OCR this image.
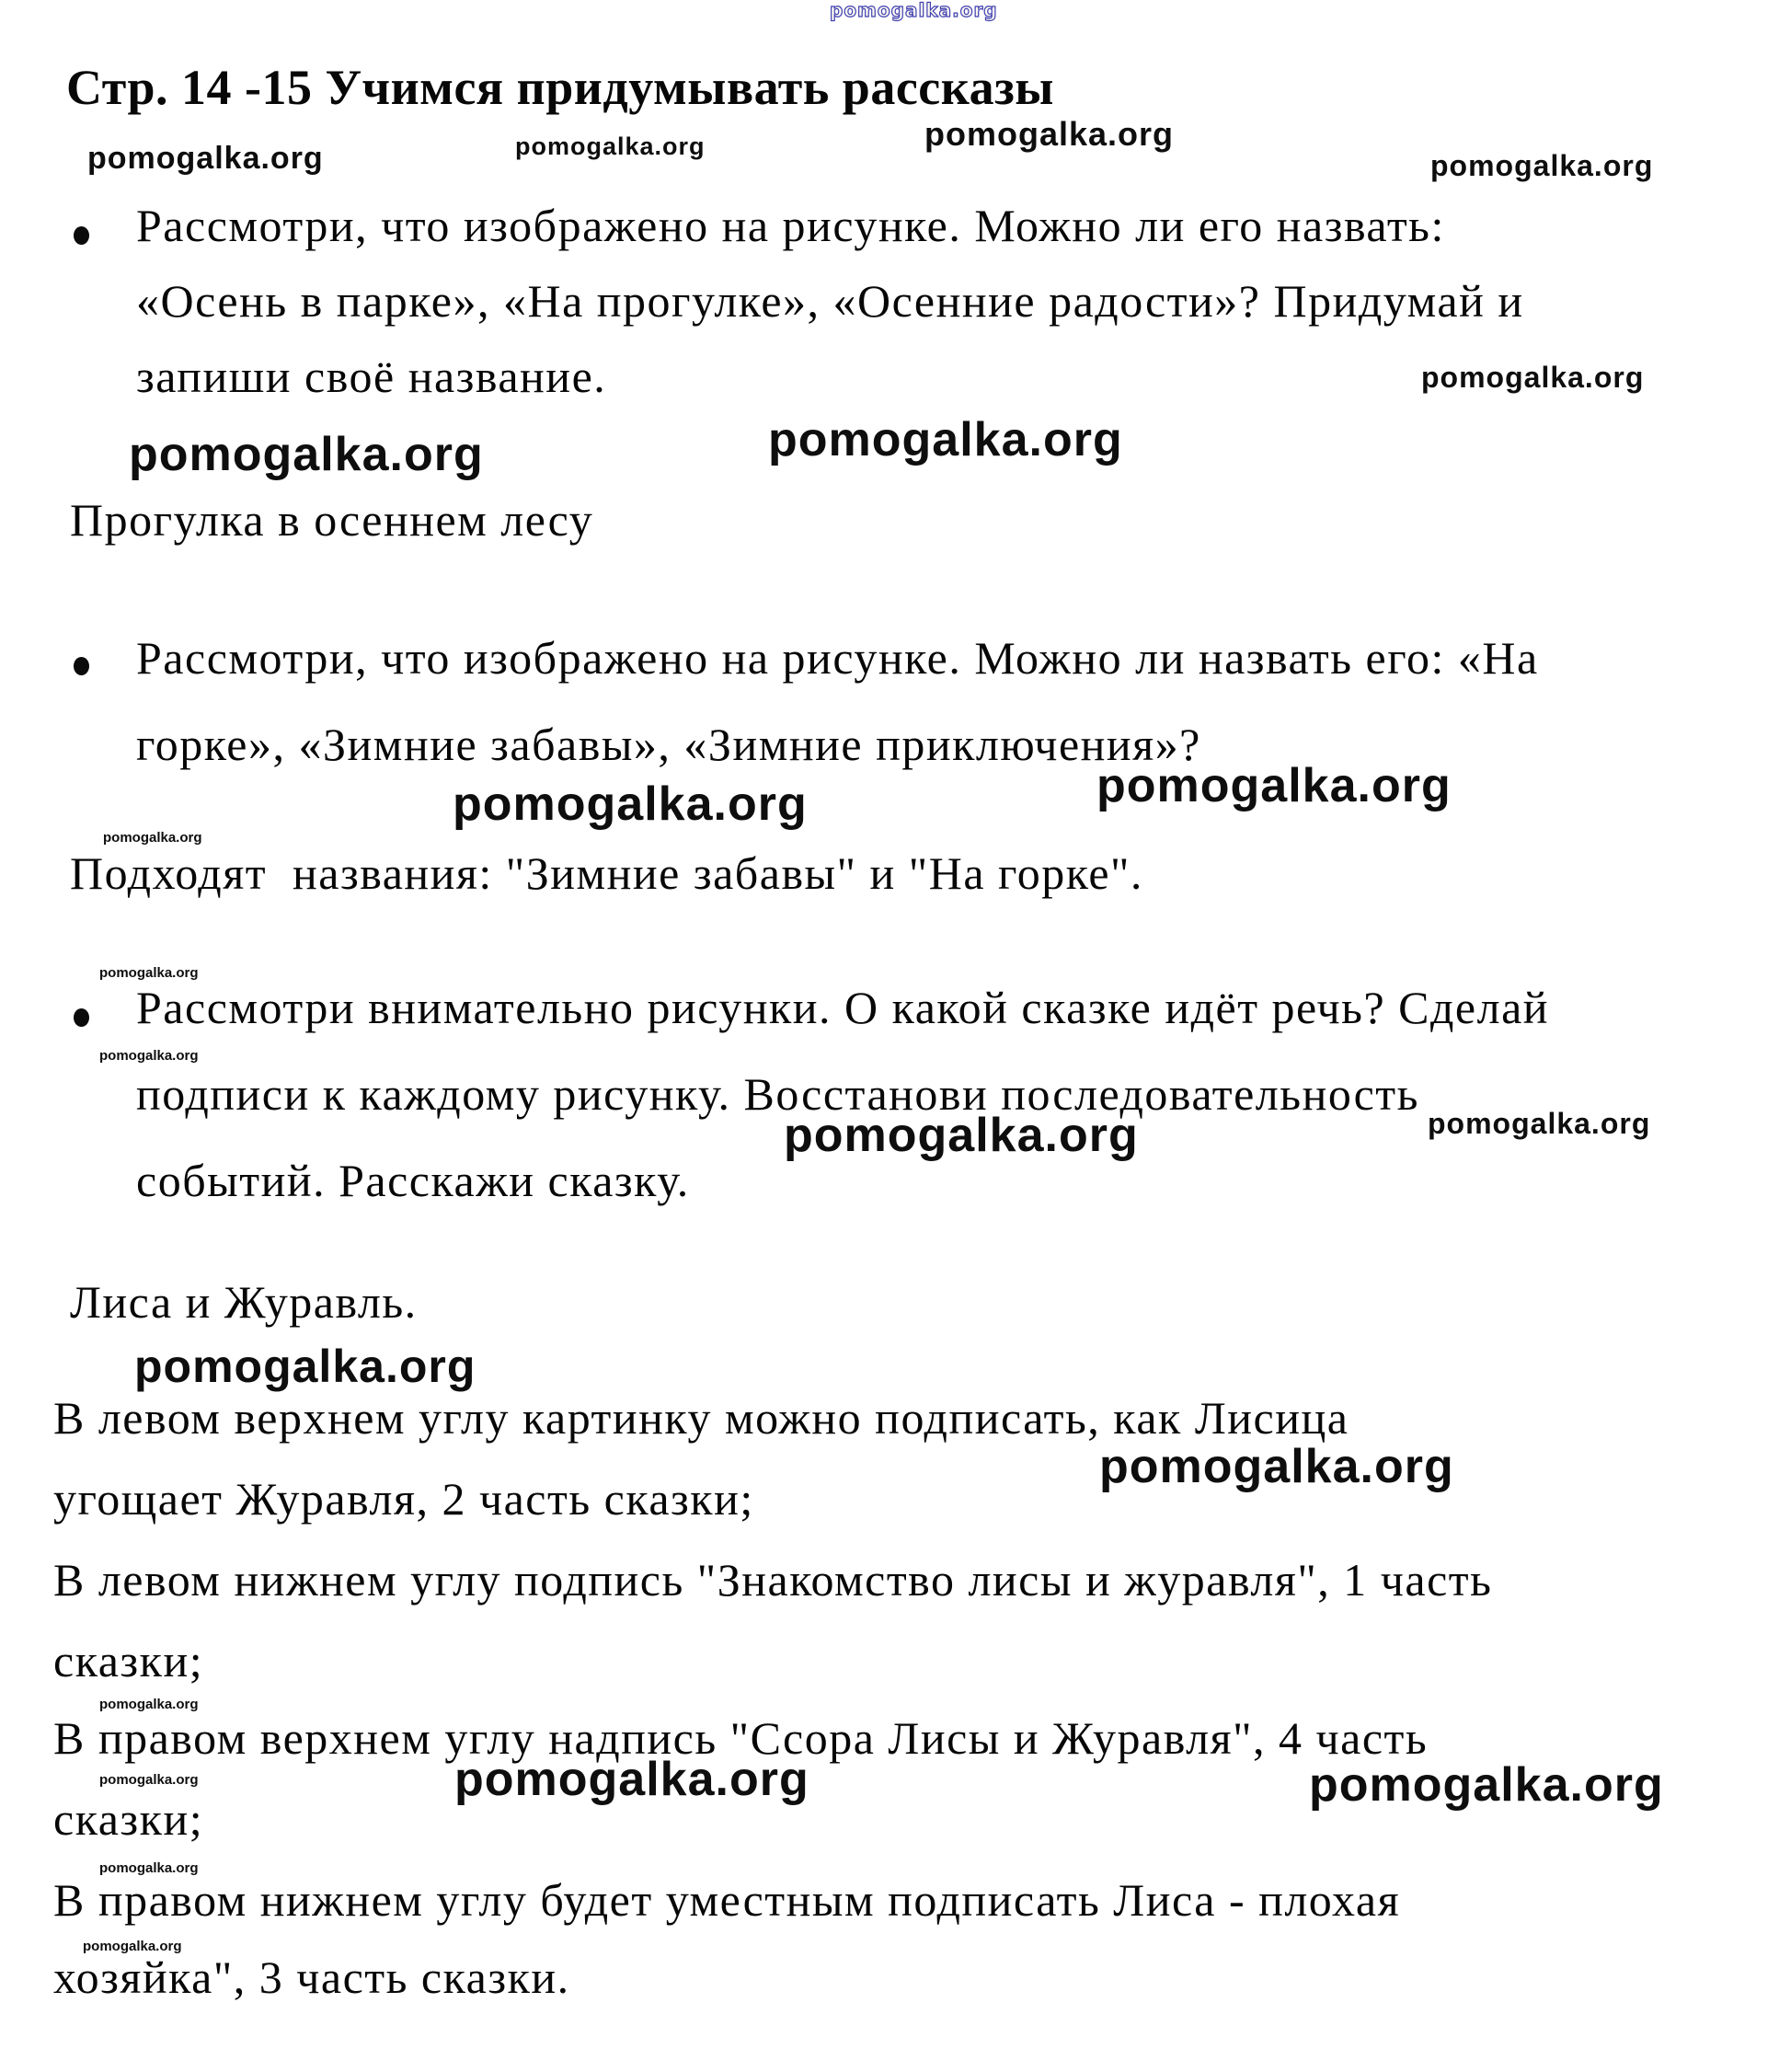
pomogalka.org
Стр. 14 -15 Учимся придумывать рассказы
pomogalka.org	pomogalka.org	pomogalka.org
pomogalka.org
Рассмотри, что изображено на рисунке. Можно ли его назвать:
«Осень в парке», «На прогулке», «Осенние радости»? Придумай и
запиши своё название.	pomogalka.org
pomogalka.org	pomogalka.org
Прогулка в осеннем лесу
Рассмотри, что изображено на рисунке. Можно ли назвать его: «На
горке», «Зимние забавы», «Зимние приключения»?
pomogalka.org	pomogalka.org
pomogalka.org
Подходят  названия: "Зимние забавы" и "На горке".
pomogalka.org
Рассмотри внимательно рисунки. О какой сказке идёт речь? Сделай
pomogalka.org
подписи к каждому рисунку. Восстанови последовательность
pomogalka.org	pomogalka.org
событий. Расскажи сказку.
Лиса и Журавль.
pomogalka.org
В левом верхнем углу картинку можно подписать, как Лисица
pomogalka.org
угощает Журавля, 2 часть сказки;
В левом нижнем углу подпись "Знакомство лисы и журавля", 1 часть
сказки;
pomogalka.org
В правом верхнем углу надпись "Ссора Лисы и Журавля", 4 часть
pomogalka.org	pomogalka.org
pomogalka.org
сказки;
pomogalka.org
В правом нижнем углу будет уместным подписать Лиса - плохая
pomogalka.org
хозяйка", 3 часть сказки.
